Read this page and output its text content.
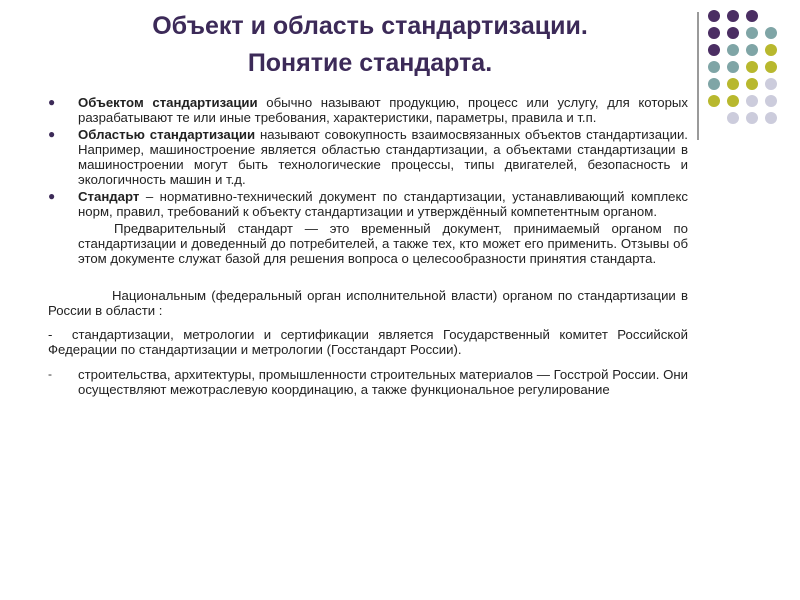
Объект и область стандартизации.
Понятие стандарта.
● Объектом стандартизации обычно называют продукцию, процесс или услугу, для которых разрабатывают те или иные требования, характеристики, параметры, правила и т.п.
● Областью стандартизации называют совокупность взаимосвязанных объектов стандартизации. Например, машиностроение является областью стандартизации, а объектами стандартизации в машиностроении могут быть технологические процессы, типы двигателей, безопасность и экологичность машин и т.д.
● Стандарт – нормативно-технический документ по стандартизации, устанавливающий комплекс норм, правил, требований к объекту стандартизации и утверждённый компетентным органом.
Предварительный стандарт — это временный документ, принимаемый органом по стандартизации и доведенный до потребителей, а также тех, кто может его применить. Отзывы об этом документе служат базой для решения вопроса о целесообразности принятия стандарта.
Национальным (федеральный орган исполнительной власти) органом по стандартизации в России в области :
- стандартизации, метрологии и сертификации является Государственный комитет Российской Федерации по стандартизации и метрологии (Госстандарт России).
- строительства, архитектуры, промышленности строительных материалов — Госстрой России. Они осуществляют межотраслевую координацию, а также функциональное регулирование
